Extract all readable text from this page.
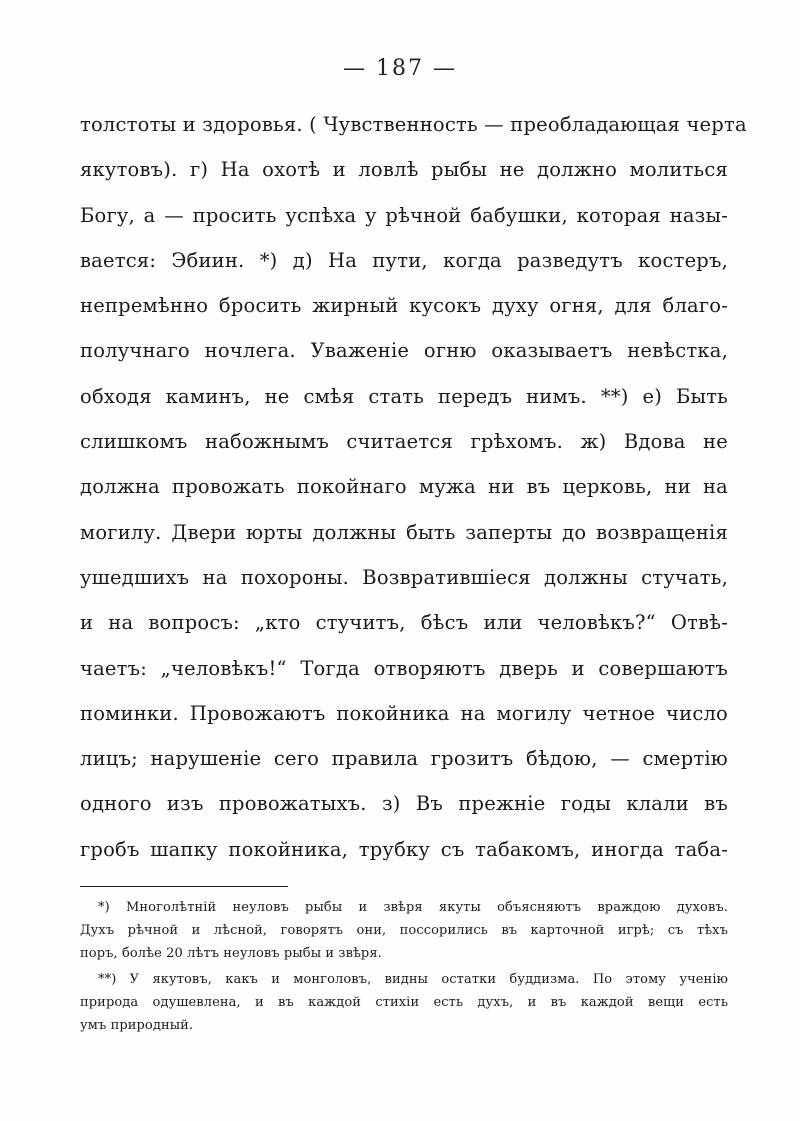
— 187 —
толстоты и здоровья. ( Чувственность — преобладающая черта
якутовъ). г) На охотѣ и ловлѣ рыбы не должно молиться
Богу, а — просить успѣха у рѣчной бабушки, которая назы-
вается: Эбиин. *) д) На пути, когда разведутъ костеръ,
непремѣнно бросить жирный кусокъ духу огня, для благо-
получнаго ночлега. Уваженіе огню оказываетъ невѣстка,
обходя каминъ, не смѣя стать передъ нимъ. **) е) Быть
слишкомъ набожнымъ считается грѣхомъ. ж) Вдова не
должна провожать покойнаго мужа ни въ церковь, ни на
могилу. Двери юрты должны быть заперты до возвращенія
ушедшихъ на похороны. Возвратившіеся должны стучать,
и на вопросъ: „кто стучитъ, бѣсъ или человѣкъ?“ Отвѣ-
чаетъ: „человѣкъ!“ Тогда отворяютъ дверь и совершаютъ
поминки. Провожаютъ покойника на могилу четное число
лицъ; нарушеніе сего правила грозитъ бѣдою, — смертію
одного изъ провожатыхъ. з) Въ прежніе годы клали въ
гробъ шапку покойника, трубку съ табакомъ, иногда таба-
*) Многолѣтній неуловъ рыбы и звѣря якуты объясняютъ враждою духовъ.
Духъ рѣчной и лѣсной, говорятъ они, поссорились въ карточной игрѣ; съ тѣхъ
поръ, болѣе 20 лѣтъ неуловъ рыбы и звѣря.
**) У якутовъ, какъ и монголовъ, видны остатки буддизма. По этому ученію
природа одушевлена, и въ каждой стихіи есть духъ, и въ каждой вещи есть
умъ природный.
